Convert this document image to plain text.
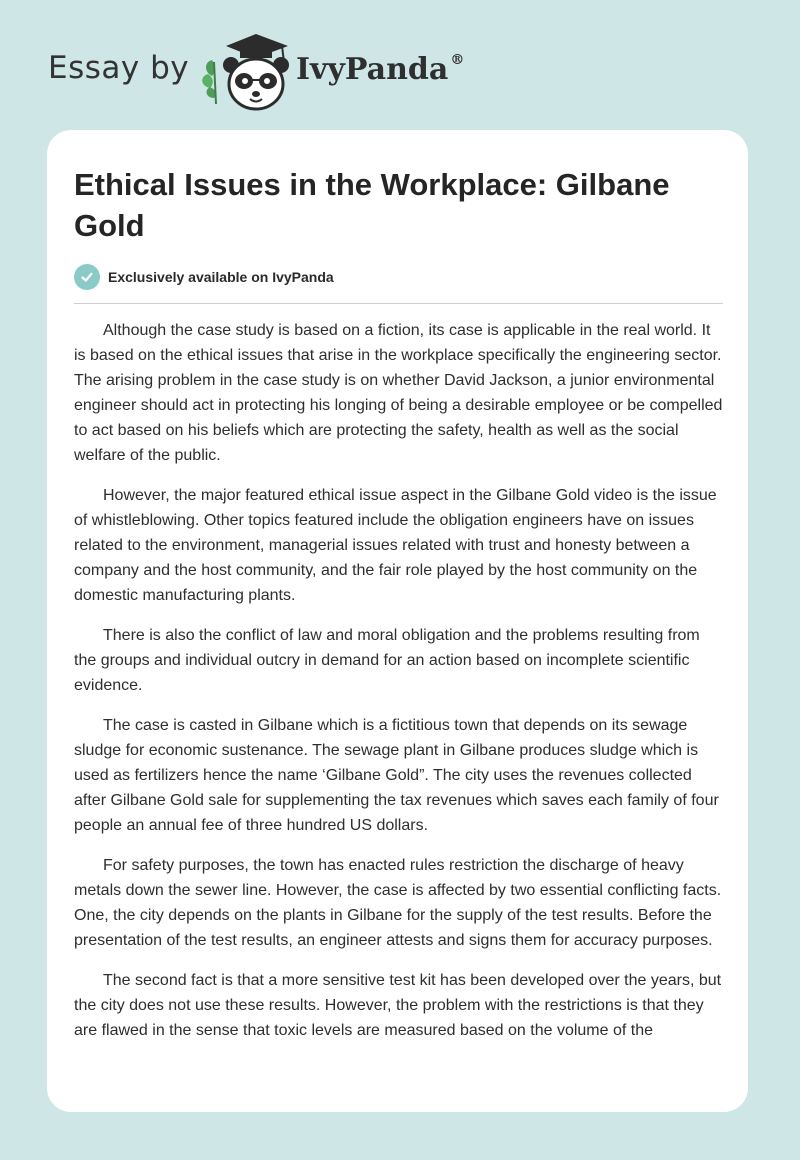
Essay by	IvyPanda ®
Ethical Issues in the Workplace: Gilbane Gold
Exclusively available on IvyPanda

Although the case study is based on a fiction, its case is applicable in the real world. It is based on the ethical issues that arise in the workplace specifically the engineering sector. The arising problem in the case study is on whether David Jackson, a junior environmental engineer should act in protecting his longing of being a desirable employee or be compelled to act based on his beliefs which are protecting the safety, health as well as the social welfare of the public.

However, the major featured ethical issue aspect in the Gilbane Gold video is the issue of whistleblowing. Other topics featured include the obligation engineers have on issues related to the environment, managerial issues related with trust and honesty between a company and the host community, and the fair role played by the host community on the domestic manufacturing plants.

There is also the conflict of law and moral obligation and the problems resulting from the groups and individual outcry in demand for an action based on incomplete scientific evidence.

The case is casted in Gilbane which is a fictitious town that depends on its sewage sludge for economic sustenance. The sewage plant in Gilbane produces sludge which is used as fertilizers hence the name ‘Gilbane Gold”. The city uses the revenues collected after Gilbane Gold sale for supplementing the tax revenues which saves each family of four people an annual fee of three hundred US dollars.

For safety purposes, the town has enacted rules restriction the discharge of heavy metals down the sewer line. However, the case is affected by two essential conflicting facts. One, the city depends on the plants in Gilbane for the supply of the test results. Before the presentation of the test results, an engineer attests and signs them for accuracy purposes.

The second fact is that a more sensitive test kit has been developed over the years, but the city does not use these results. However, the problem with the restrictions is that they are flawed in the sense that toxic levels are measured based on the volume of the
